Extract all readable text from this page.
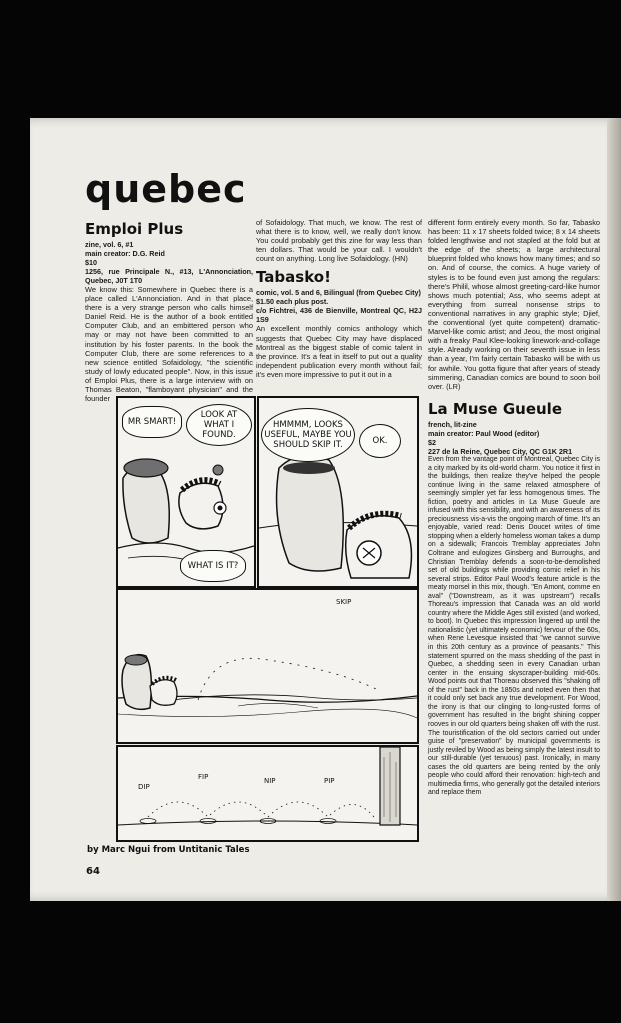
quebec
Emploi Plus

zine, vol. 6, #1

main creator: D.G. Reid

$10

1256, rue Principale N., #13, L'Annonciation, Quebec, J0T 1T0

We know this: Somewhere in Quebec there is a place called L'Annonciation. And in that place, there is a very strange person who calls himself Daniel Reid. He is the author of a book entitled Computer Club, and an embittered person who may or may not have been committed to an institution by his foster parents. In the book the Computer Club, there are some references to a new science entitled Sofaidology, "the scientific study of lowly educated people". Now, in this issue of Emploi Plus, there is a large interview with on Thomas Beaton, "flamboyant physician" and the founder

of Sofaidology. That much, we know. The rest of what there is to know, well, we really don't know. You could probably get this zine for way less than ten dollars. That would be your call. I wouldn't count on anything. Long live Sofaidology. (HN)

Tabasko!

comic, vol. 5 and 6, Bilingual (from Quebec City)

$1.50 each plus post.

c/o Fichtrei, 436 de Bienville, Montreal QC, H2J 1S9

An excellent monthly comics anthology which suggests that Quebec City may have displaced Montreal as the biggest stable of comic talent in the province. It's a feat in itself to put out a quality independent publication every month without fail; it's even more impressive to put it out in a

different form entirely every month. So far, Tabasko has been: 11 x 17 sheets folded twice; 8 x 14 sheets folded lengthwise and not stapled at the fold but at the edge of the sheets; a large architectural blueprint folded who knows how many times; and so on. And of course, the comics. A huge variety of styles is to be found even just among the regulars: there's Philil, whose almost greeting-card-like humor shows much potential; Ass, who seems adept at everything from surreal nonsense strips to conventional narratives in any graphic style; Djief, the conventional (yet quite competent) dramatic-Marvel-like comic artist; and Jeou, the most original with a freaky Paul Klee-looking linework-and-collage style. Already working on their seventh issue in less than a year, I'm fairly certain Tabasko will be with us for awhile. You gotta figure that after years of steady simmering, Canadian comics are bound to soon boil over. (LR)

La Muse Gueule

french, lit-zine

main creator: Paul Wood (editor)

$2

227 de la Reine, Quebec City, QC G1K 2R1

Even from the vantage point of Montreal, Quebec City is a city marked by its old-world charm. You notice it first in the buildings, then realize they've helped the people continue living in the same relaxed atmosphere of seemingly simpler yet far less homogenous times. The fiction, poetry and articles in La Muse Gueule are infused with this sensibility, and with an awareness of its preciousness vis-a-vis the ongoing march of time. It's an enjoyable, varied read: Denis Doucet writes of time stopping when a elderly homeless woman takes a dump on a sidewalk; Francois Tremblay appreciates John Coltrane and eulogizes Ginsberg and Burroughs, and Christian Tremblay defends a soon-to-be-demolished set of old buildings while providing comic relief in his several strips. Editor Paul Wood's feature article is the meaty morsel in this mix, though. "En Amont, comme en aval" ("Downstream, as it was upstream") recalls Thoreau's impression that Canada was an old world country where the Middle Ages still existed (and worked, to boot). In Quebec this impression lingered up until the nationalistic (yet ultimately economic) fervour of the 60s, when Rene Levesque insisted that "we cannot survive in this 20th century as a province of peasants." This statement spurred on the mass shedding of the past in Quebec, a shedding seen in every Canadian urban center in the ensuing skyscraper-building mid-60s. Wood points out that Thoreau observed this "shaking off of the rust" back in the 1850s and noted even then that it could only set back any true development. For Wood, the irony is that our clinging to long-rusted forms of government has resulted in the bright shining copper rooves in our old quarters being shaken off with the rust. The touristification of the old sectors carried out under guise of "preservation" by municipal governments is justly reviled by Wood as being simply the latest insult to our still-durable (yet tenuous) past. Ironically, in many cases the old quarters are being rented by the only people who could afford their renovation: high-tech and multimedia firms, who generally got the detailed interiors and replace them

MR SMART!
LOOK AT WHAT I FOUND.
WHAT IS IT?
HMMMM, LOOKS USEFUL, MAYBE YOU SHOULD SKIP IT.	OK.
SKIP
DIP
FIP	NIP	PIP
by Marc Ngui from Untitanic Tales
64
